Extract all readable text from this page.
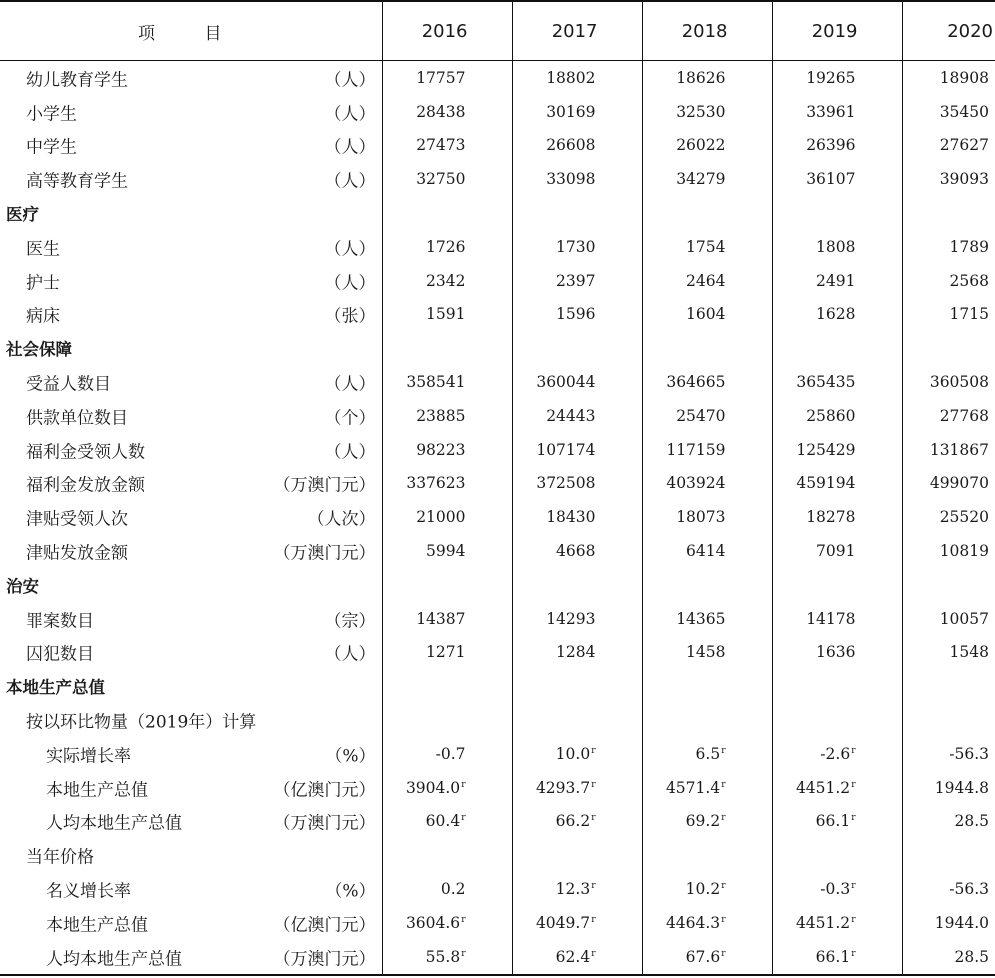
项 目	2016	2017	2018	2019	2020

幼儿教育学生 （人）	17757	18802	18626	19265	18908

小学生 （人）	28438	30169	32530	33961	35450

中学生 （人）	27473	26608	26022	26396	27627

高等教育学生 （人）	32750	33098	34279	36107	39093

医疗					

医生 （人）	1726	1730	1754	1808	1789

护士 （人）	2342	2397	2464	2491	2568

病床 （张）	1591	1596	1604	1628	1715

社会保障					

受益人数目 （人）	358541	360044	364665	365435	360508

供款单位数目 （个）	23885	24443	25470	25860	27768

福利金受领人数 （人）	98223	107174	117159	125429	131867

福利金发放金额 （万澳门元）	337623	372508	403924	459194	499070

津贴受领人次 （人次）	21000	18430	18073	18278	25520

津贴发放金额 （万澳门元）	5994	4668	6414	7091	10819

治安					

罪案数目 （宗）	14387	14293	14365	14178	10057

囚犯数目 （人）	1271	1284	1458	1636	1548

本地生产总值					

按以环比物量（2019年）计算					

实际增长率 （%）	-0.7	10.0$^r$	6.5$^r$	-2.6$^r$	-56.3

本地生产总值 （亿澳门元）	3904.0$^r$	4293.7$^r$	4571.4$^r$	4451.2$^r$	1944.8

人均本地生产总值 （万澳门元）	60.4$^r$	66.2$^r$	69.2$^r$	66.1$^r$	28.5

当年价格					

名义增长率 （%）	0.2	12.3$^r$	10.2$^r$	-0.3$^r$	-56.3

本地生产总值 （亿澳门元）	3604.6$^r$	4049.7$^r$	4464.3$^r$	4451.2$^r$	1944.0

人均本地生产总值 （万澳门元）	55.8$^r$	62.4$^r$	67.6$^r$	66.1$^r$	28.5
